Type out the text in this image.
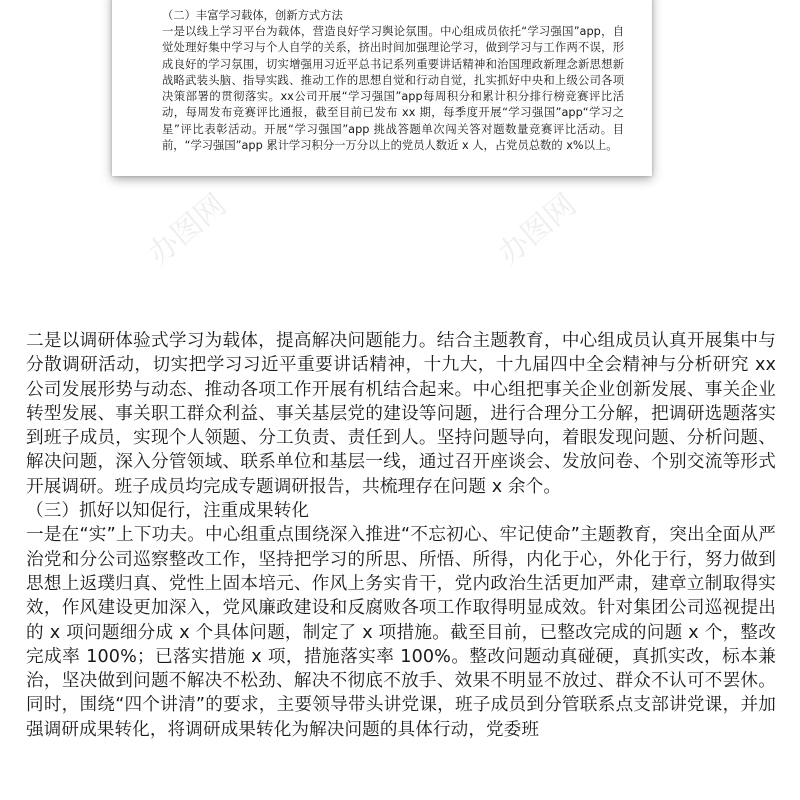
（二）丰富学习载体，创新方式方法

一是以线上学习平台为载体，营造良好学习舆论氛围。中心组成员依托“学习强国”app，自觉处理好集中学习与个人自学的关系，挤出时间加强理论学习，做到学习与工作两不误，形成良好的学习氛围，切实增强用习近平总书记系列重要讲话精神和治国理政新理念新思想新战略武装头脑、指导实践、推动工作的思想自觉和行动自觉，扎实抓好中央和上级公司各项决策部署的贯彻落实。xx公司开展“学习强国”app每周积分和累计积分排行榜竞赛评比活动，每周发布竞赛评比通报，截至目前已发布 xx 期，每季度开展“学习强国”app“学习之星”评比表彰活动。开展“学习强国”app 挑战答题单次闯关答对题数量竞赛评比活动。目前，“学习强国”app 累计学习积分一万分以上的党员人数近 x 人，占党员总数的 x%以上。

办图网	办图网

二是以调研体验式学习为载体，提高解决问题能力。结合主题教育，中心组成员认真开展集中与分散调研活动，切实把学习习近平重要讲话精神，十九大，十九届四中全会精神与分析研究 xx 公司发展形势与动态、推动各项工作开展有机结合起来。中心组把事关企业创新发展、事关企业转型发展、事关职工群众利益、事关基层党的建设等问题，进行合理分工分解，把调研选题落实到班子成员，实现个人领题、分工负责、责任到人。坚持问题导向，着眼发现问题、分析问题、解决问题，深入分管领域、联系单位和基层一线，通过召开座谈会、发放问卷、个别交流等形式开展调研。班子成员均完成专题调研报告，共梳理存在问题 x 余个。

（三）抓好以知促行，注重成果转化

一是在“实”上下功夫。中心组重点围绕深入推进“不忘初心、牢记使命”主题教育，突出全面从严治党和分公司巡察整改工作，坚持把学习的所思、所悟、所得，内化于心，外化于行，努力做到思想上返璞归真、党性上固本培元、作风上务实肯干，党内政治生活更加严肃，建章立制取得实效，作风建设更加深入，党风廉政建设和反腐败各项工作取得明显成效。针对集团公司巡视提出的 x 项问题细分成 x 个具体问题，制定了 x 项措施。截至目前，已整改完成的问题 x 个，整改完成率 100%；已落实措施 x 项，措施落实率 100%。整改问题动真碰硬，真抓实改，标本兼治，坚决做到问题不解决不松劲、解决不彻底不放手、效果不明显不放过、群众不认可不罢休。同时，围绕“四个讲清”的要求，主要领导带头讲党课，班子成员到分管联系点支部讲党课，并加强调研成果转化，将调研成果转化为解决问题的具体行动，党委班
